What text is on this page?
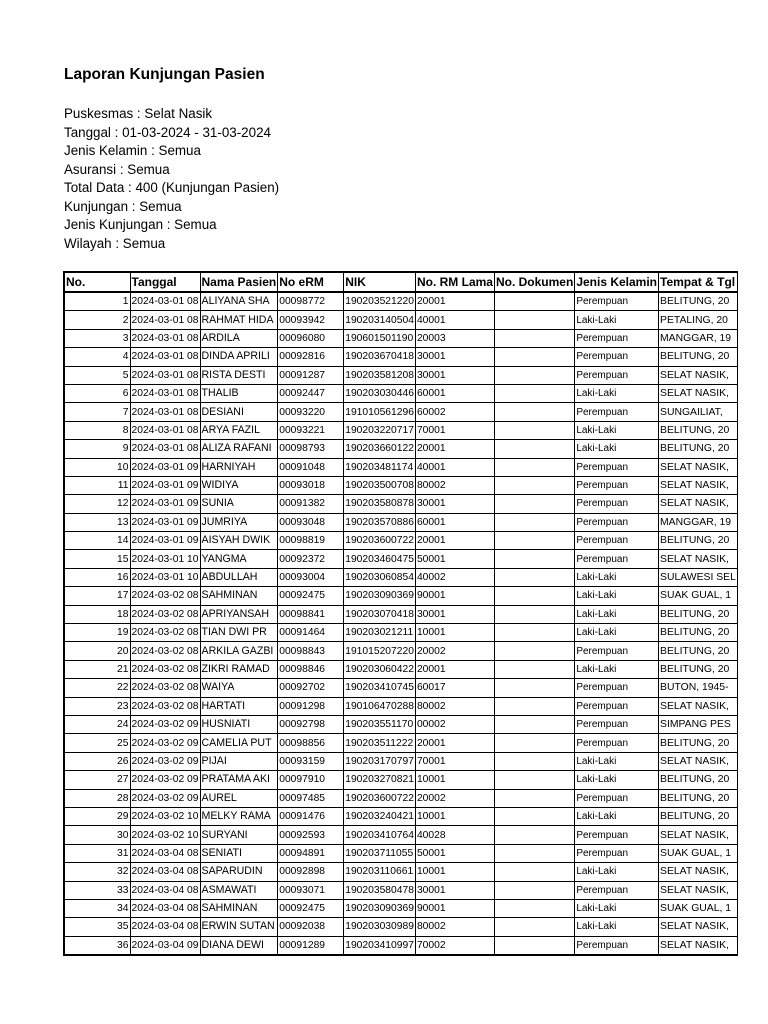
Laporan Kunjungan Pasien
Puskesmas : Selat Nasik
Tanggal : 01-03-2024 - 31-03-2024
Jenis Kelamin : Semua
Asuransi : Semua
Total Data : 400 (Kunjungan Pasien)
Kunjungan : Semua
Jenis Kunjungan : Semua
Wilayah : Semua
No.	Tanggal	Nama Pasien	No eRM	NIK	No. RM Lama	No. Dokumen	Jenis Kelamin	Tempat & Tgl
1	2024-03-01 08	ALIYANA SHA	00098772	190203521220	20001		Perempuan	BELITUNG, 20
2	2024-03-01 08	RAHMAT HIDA	00093942	190203140504	40001		Laki-Laki	PETALING, 20
3	2024-03-01 08	ARDILA	00096080	190601501190	20003		Perempuan	MANGGAR, 19
4	2024-03-01 08	DINDA APRILI	00092816	190203670418	30001		Perempuan	BELITUNG, 20
5	2024-03-01 08	RISTA DESTI	00091287	190203581208	30001		Perempuan	SELAT NASIK,
6	2024-03-01 08	THALIB	00092447	190203030446	60001		Laki-Laki	SELAT NASIK,
7	2024-03-01 08	DESIANI	00093220	191010561296	60002		Perempuan	SUNGAILIAT,
8	2024-03-01 08	ARYA FAZIL	00093221	190203220717	70001		Laki-Laki	BELITUNG, 20
9	2024-03-01 08	ALIZA RAFANI	00098793	190203660122	20001		Laki-Laki	BELITUNG, 20
10	2024-03-01 09	HARNIYAH	00091048	190203481174	40001		Perempuan	SELAT NASIK,
11	2024-03-01 09	WIDIYA	00093018	190203500708	80002		Perempuan	SELAT NASIK,
12	2024-03-01 09	SUNIA	00091382	190203580878	30001		Perempuan	SELAT NASIK,
13	2024-03-01 09	JUMRIYA	00093048	190203570886	60001		Perempuan	MANGGAR, 19
14	2024-03-01 09	AISYAH DWIK	00098819	190203600722	20001		Perempuan	BELITUNG, 20
15	2024-03-01 10	YANGMA	00092372	190203460475	50001		Perempuan	SELAT NASIK,
16	2024-03-01 10	ABDULLAH	00093004	190203060854	40002		Laki-Laki	SULAWESI SEL
17	2024-03-02 08	SAHMINAN	00092475	190203090369	90001		Laki-Laki	SUAK GUAL, 1
18	2024-03-02 08	APRIYANSAH	00098841	190203070418	30001		Laki-Laki	BELITUNG, 20
19	2024-03-02 08	TIAN DWI PR	00091464	190203021211	10001		Laki-Laki	BELITUNG, 20
20	2024-03-02 08	ARKILA GAZBI	00098843	191015207220	20002		Perempuan	BELITUNG, 20
21	2024-03-02 08	ZIKRI RAMAD	00098846	190203060422	20001		Laki-Laki	BELITUNG, 20
22	2024-03-02 08	WAIYA	00092702	190203410745	60017		Perempuan	BUTON, 1945-
23	2024-03-02 08	HARTATI	00091298	190106470288	80002		Perempuan	SELAT NASIK,
24	2024-03-02 09	HUSNIATI	00092798	190203551170	00002		Perempuan	SIMPANG PES
25	2024-03-02 09	CAMELIA PUT	00098856	190203511222	20001		Perempuan	BELITUNG, 20
26	2024-03-02 09	PIJAI	00093159	190203170797	70001		Laki-Laki	SELAT NASIK,
27	2024-03-02 09	PRATAMA AKI	00097910	190203270821	10001		Laki-Laki	BELITUNG, 20
28	2024-03-02 09	AUREL	00097485	190203600722	20002		Perempuan	BELITUNG, 20
29	2024-03-02 10	MELKY RAMA	00091476	190203240421	10001		Laki-Laki	BELITUNG, 20
30	2024-03-02 10	SURYANI	00092593	190203410764	40028		Perempuan	SELAT NASIK,
31	2024-03-04 08	SENIATI	00094891	190203711055	50001		Perempuan	SUAK GUAL, 1
32	2024-03-04 08	SAPARUDIN	00092898	190203110661	10001		Laki-Laki	SELAT NASIK,
33	2024-03-04 08	ASMAWATI	00093071	190203580478	30001		Perempuan	SELAT NASIK,
34	2024-03-04 08	SAHMINAN	00092475	190203090369	90001		Laki-Laki	SUAK GUAL, 1
35	2024-03-04 08	ERWIN SUTAN	00092038	190203030989	80002		Laki-Laki	SELAT NASIK,
36	2024-03-04 09	DIANA DEWI	00091289	190203410997	70002		Perempuan	SELAT NASIK,
